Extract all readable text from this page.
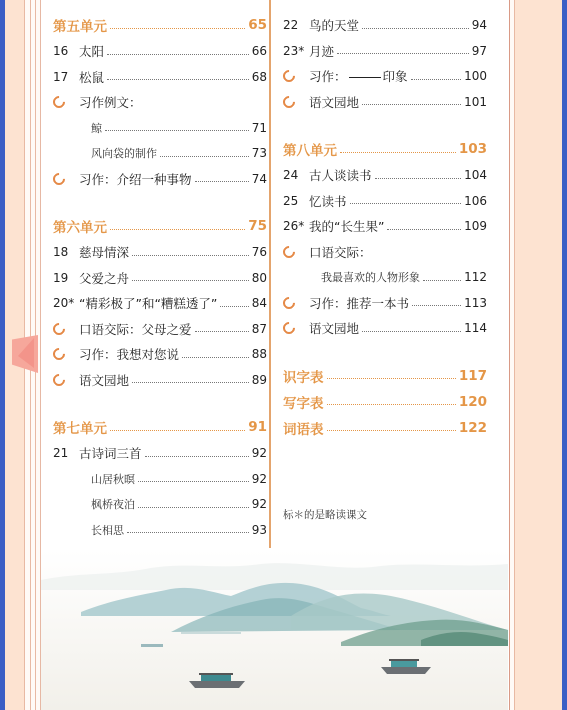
第五单元	65
16 太阳	66
17 松鼠	68
习作例文：
鲸	71
风向袋的制作	73
习作：介绍一种事物	74
第六单元	75
18 慈母情深	76
19 父爱之舟	80
20* “精彩极了”和“糟糕透了”	84
口语交际：父母之爱	87
习作：我想对您说	88
语文园地	89
第七单元	91
21 古诗词三首	92
山居秋暝	92
枫桥夜泊	92
长相思	93
22 鸟的天堂	94
23* 月迹	97
习作：	印象	100
语文园地	101
第八单元	103
24 古人谈读书	104
25 忆读书	106
26* 我的“长生果”	109
口语交际：
我最喜欢的人物形象	112
习作：推荐一本书	113
语文园地	114
识字表	117
写字表	120
词语表	122
标＊的是略读课文
